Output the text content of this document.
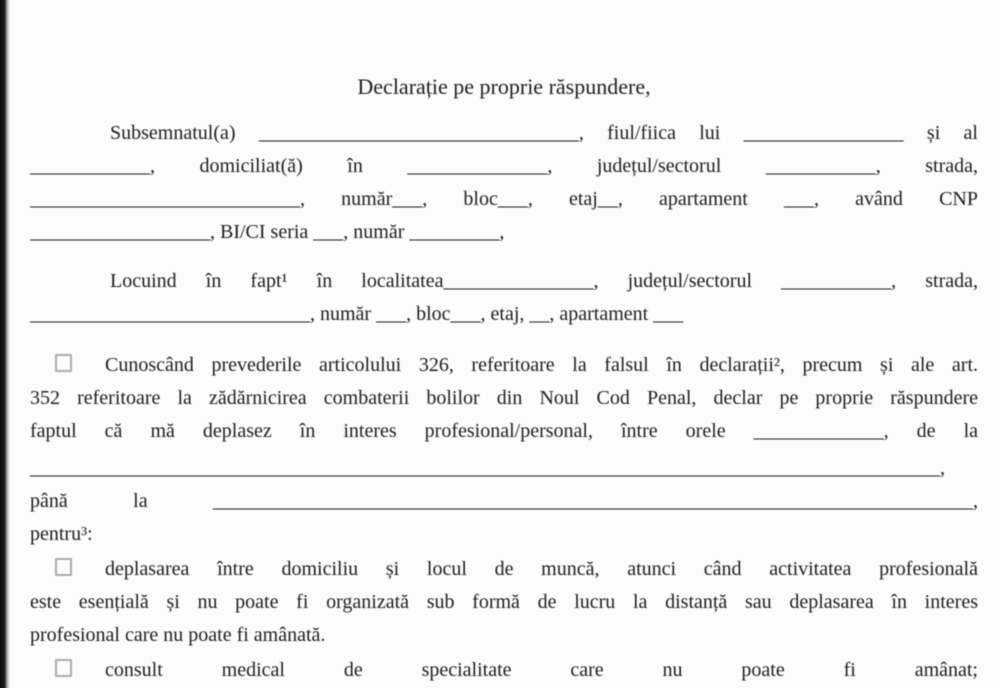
Declarație pe proprie răspundere,
Subsemnatul(a) ________________________________, fiul/fiica lui ________________ și al
____________, domiciliat(ă) în ______________, județul/sectorul ___________, strada,
___________________________, număr___, bloc___, etaj__, apartament ___, având CNP
__________________, BI/CI seria ___, număr _________,
Locuind în fapt¹ în localitatea_______________, județul/sectorul ___________, strada,
____________________________, număr ___, bloc___, etaj, __, apartament ___
Cunoscând prevederile articolului 326, referitoare la falsul în declarații², precum și ale art.
352 referitoare la zădărnicirea combaterii bolilor din Noul Cod Penal, declar pe proprie răspundere
faptul că mă deplasez în interes profesional/personal, între orele _____________, de la
___________________________________________________________________________________________,
până la ____________________________________________________________________________,
pentru³:
deplasarea între domiciliu și locul de muncă, atunci când activitatea profesională
este esențială și nu poate fi organizată sub formă de lucru la distanță sau deplasarea în interes
profesional care nu poate fi amânată.
consult medical de specialitate care nu poate fi amânat;
